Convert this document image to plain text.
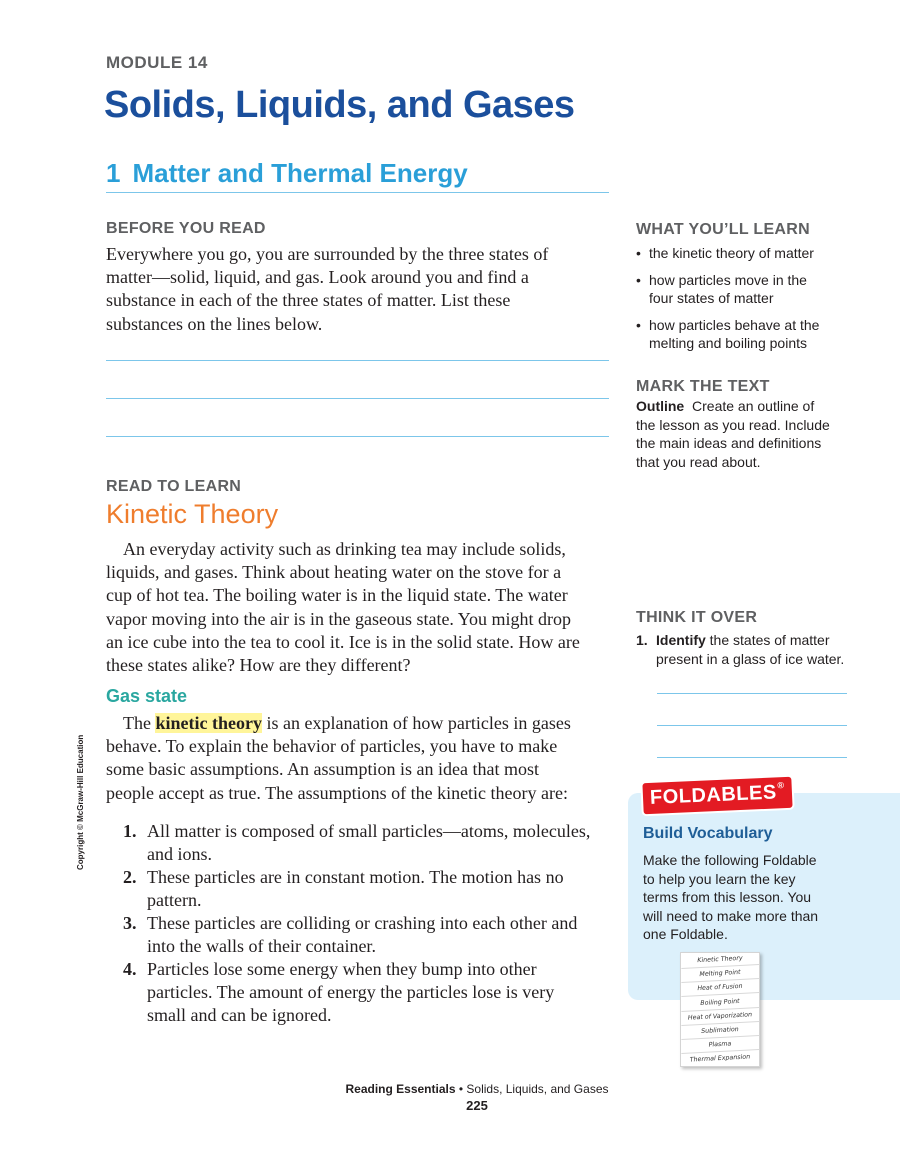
MODULE 14
Solids, Liquids, and Gases
1 Matter and Thermal Energy
BEFORE YOU READ
Everywhere you go, you are surrounded by the three states of
matter—solid, liquid, and gas. Look around you and find a
substance in each of the three states of matter. List these
substances on the lines below.
READ TO LEARN
Kinetic Theory
An everyday activity such as drinking tea may include solids,
liquids, and gases. Think about heating water on the stove for a
cup of hot tea. The boiling water is in the liquid state. The water
vapor moving into the air is in the gaseous state. You might drop
an ice cube into the tea to cool it. Ice is in the solid state. How are
these states alike? How are they different?
Gas state
The kinetic theory is an explanation of how particles in gases
behave. To explain the behavior of particles, you have to make
some basic assumptions. An assumption is an idea that most
people accept as true. The assumptions of the kinetic theory are:
1. All matter is composed of small particles—atoms, molecules,
and ions.
2. These particles are in constant motion. The motion has no
pattern.
3. These particles are colliding or crashing into each other and
into the walls of their container.
4. Particles lose some energy when they bump into other
particles. The amount of energy the particles lose is very
small and can be ignored.
WHAT YOU’LL LEARN
• the kinetic theory of matter
• how particles move in the
four states of matter
• how particles behave at the
melting and boiling points
MARK THE TEXT
Outline Create an outline of
the lesson as you read. Include
the main ideas and definitions
that you read about.
THINK IT OVER
1. Identify the states of matter
present in a glass of ice water.
FOLDABLES®
Build Vocabulary
Make the following Foldable
to help you learn the key
terms from this lesson. You
will need to make more than
one Foldable.
Kinetic Theory
Melting Point
Heat of Fusion
Boiling Point
Heat of Vaporization
Sublimation
Plasma
Thermal Expansion
Copyright © McGraw-Hill Education
Reading Essentials • Solids, Liquids, and Gases
225
